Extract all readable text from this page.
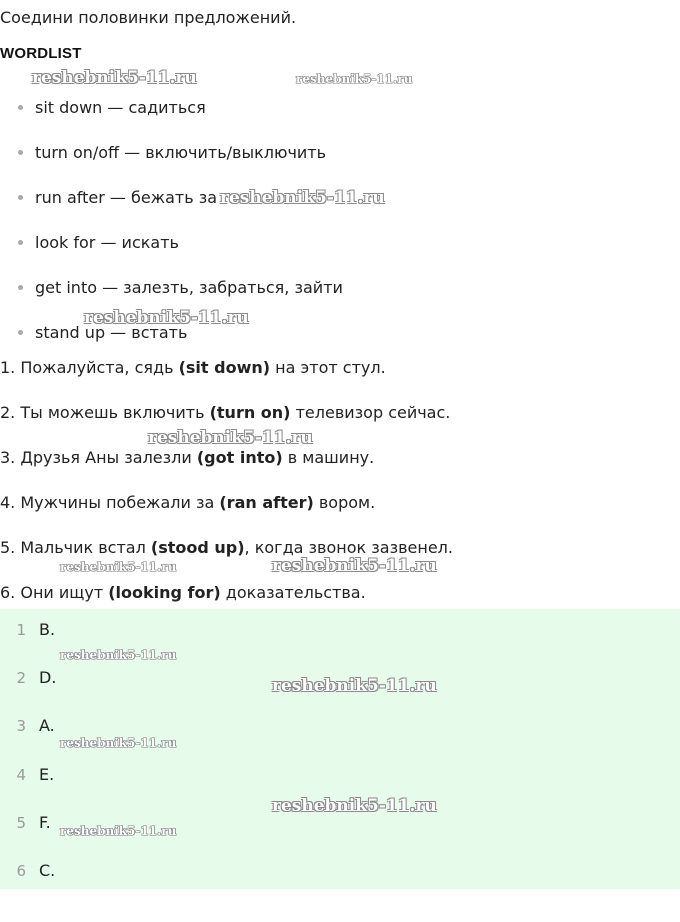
Соедини половинки предложений.
WORDLIST
sit down — садиться
turn on/off — включить/выключить
run after — бежать за
look for — искать
get into — залезть, забраться, зайти
stand up — встать
1. Пожалуйста, сядь (sit down) на этот стул.
2. Ты можешь включить (turn on) телевизор сейчас.
3. Друзья Аны залезли (got into) в машину.
4. Мужчины побежали за (ran after) вором.
5. Мальчик встал (stood up), когда звонок зазвенел.
6. Они ищут (looking for) доказательства.
1 B.
2 D.
3 A.
4 E.
5 F.
6 C.
reshebnik5-11.ru	reshebnik5-11.ru
reshebnik5-11.ru
reshebnik5-11.ru
reshebnik5-11.ru
reshebnik5-11.ru	reshebnik5-11.ru
reshebnik5-11.ru
reshebnik5-11.ru
reshebnik5-11.ru
reshebnik5-11.ru
reshebnik5-11.ru
